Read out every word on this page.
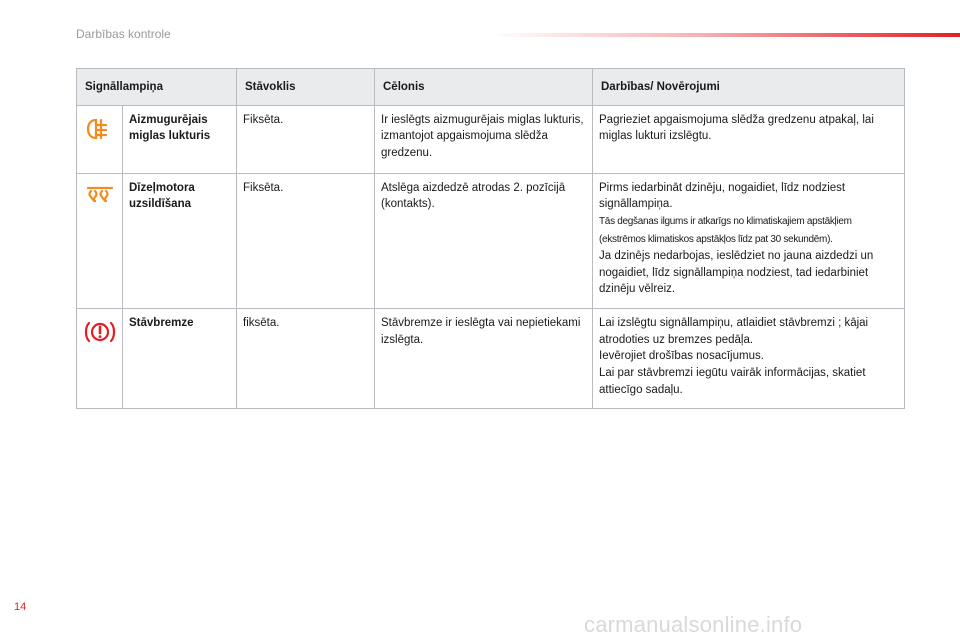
Darbības kontrole
Signāllampiņa		Stāvoklis	Cēlonis	Darbības/ Novērojumi
	Aizmugurējais miglas lukturis	Fiksēta.	Ir ieslēgts aizmugurējais miglas lukturis, izmantojot apgaismojuma slēdža gredzenu.	Pagrieziet apgaismojuma slēdža gredzenu atpakaļ, lai miglas lukturi izslēgtu.

	Dīzeļmotora uzsildīšana	Fiksēta.	Atslēga aizdedzē atrodas 2. pozīcijā (kontakts).	Pirms iedarbināt dzinēju, nogaidiet, līdz nodziest signāllampiņa.
Tās degšanas ilgums ir atkarīgs no klimatiskajiem apstākļiem (ekstrēmos klimatiskos apstākļos līdz pat 30 sekundēm).
Ja dzinējs nedarbojas, ieslēdziet no jauna aizdedzi un nogaidiet, līdz signāllampiņa nodziest, tad iedarbiniet dzinēju vēlreiz.

	Stāvbremze	fiksēta.	Stāvbremze ir ieslēgta vai nepietiekami izslēgta.	Lai izslēgtu signāllampiņu, atlaidiet stāvbremzi ; kājai atrodoties uz bremzes pedāļa.
Ievērojiet drošības nosacījumus.
Lai par stāvbremzi iegūtu vairāk informācijas, skatiet attiecīgo sadaļu.
14
carmanualsonline.info
